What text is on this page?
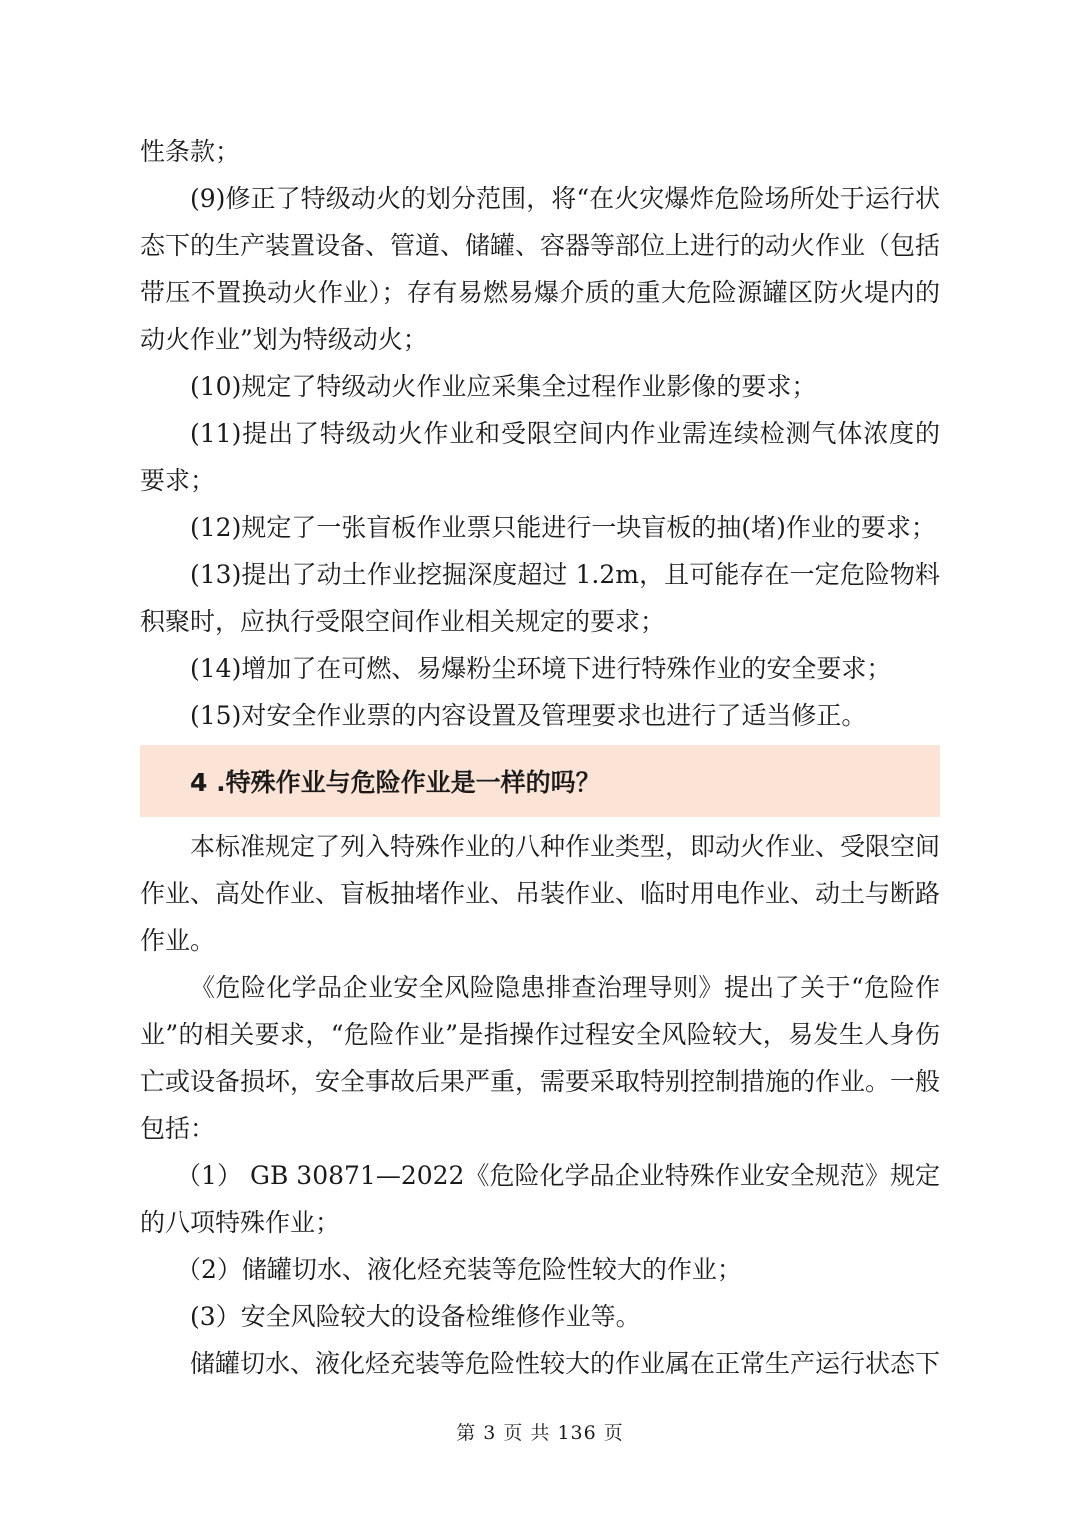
性条款；

(9)修正了特级动火的划分范围，将“在火灾爆炸危险场所处于运行状态下的生产装置设备、管道、储罐、容器等部位上进行的动火作业（包括带压不置换动火作业）；存有易燃易爆介质的重大危险源罐区防火堤内的动火作业”划为特级动火；

(10)规定了特级动火作业应采集全过程作业影像的要求；

(11)提出了特级动火作业和受限空间内作业需连续检测气体浓度的要求；

(12)规定了一张盲板作业票只能进行一块盲板的抽(堵)作业的要求；

(13)提出了动土作业挖掘深度超过 1.2m，且可能存在一定危险物料积聚时，应执行受限空间作业相关规定的要求；

(14)增加了在可燃、易爆粉尘环境下进行特殊作业的安全要求；

(15)对安全作业票的内容设置及管理要求也进行了适当修正。

4 .特殊作业与危险作业是一样的吗？

本标准规定了列入特殊作业的八种作业类型，即动火作业、受限空间作业、高处作业、盲板抽堵作业、吊装作业、临时用电作业、动土与断路作业。

《危险化学品企业安全风险隐患排查治理导则》提出了关于“危险作业”的相关要求，“危险作业”是指操作过程安全风险较大，易发生人身伤亡或设备损坏，安全事故后果严重，需要采取特别控制措施的作业。一般包括：

（1） GB 30871—2022《危险化学品企业特殊作业安全规范》规定的八项特殊作业；

（2）储罐切水、液化烃充装等危险性较大的作业；

(3）安全风险较大的设备检维修作业等。

储罐切水、液化烃充装等危险性较大的作业属在正常生产运行状态下

第 3 页 共 136 页
